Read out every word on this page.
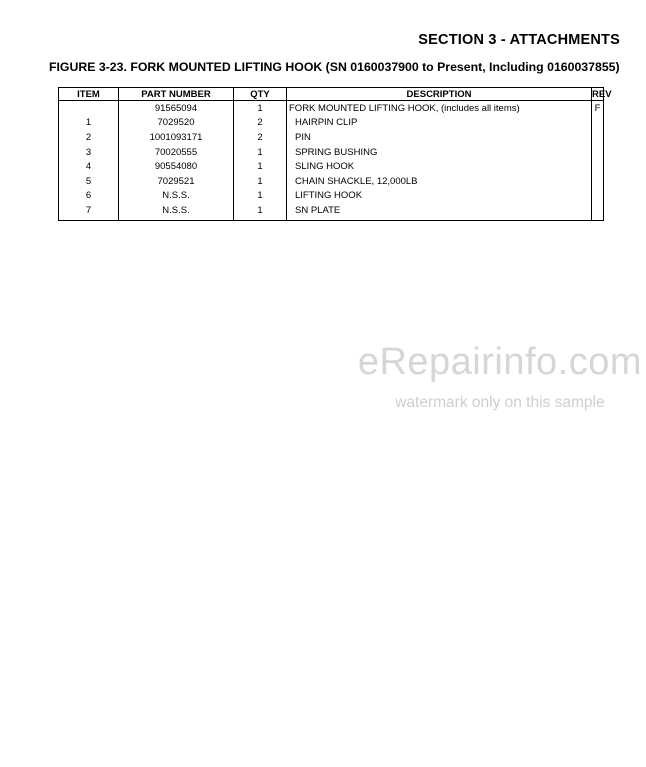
SECTION 3 - ATTACHMENTS
FIGURE 3-23. FORK MOUNTED LIFTING HOOK (SN 0160037900 to Present, Including 0160037855)
ITEM	PART NUMBER	QTY	DESCRIPTION	REV
	91565094	1	FORK MOUNTED LIFTING HOOK, (includes all items)	F
1	7029520	2	HAIRPIN CLIP	
2	1001093171	2	PIN	
3	70020555	1	SPRING BUSHING	
4	90554080	1	SLING HOOK	
5	7029521	1	CHAIN SHACKLE, 12,000LB	
6	N.S.S.	1	LIFTING HOOK	
7	N.S.S.	1	SN PLATE	
eRepairinfo.com
watermark only on this sample
